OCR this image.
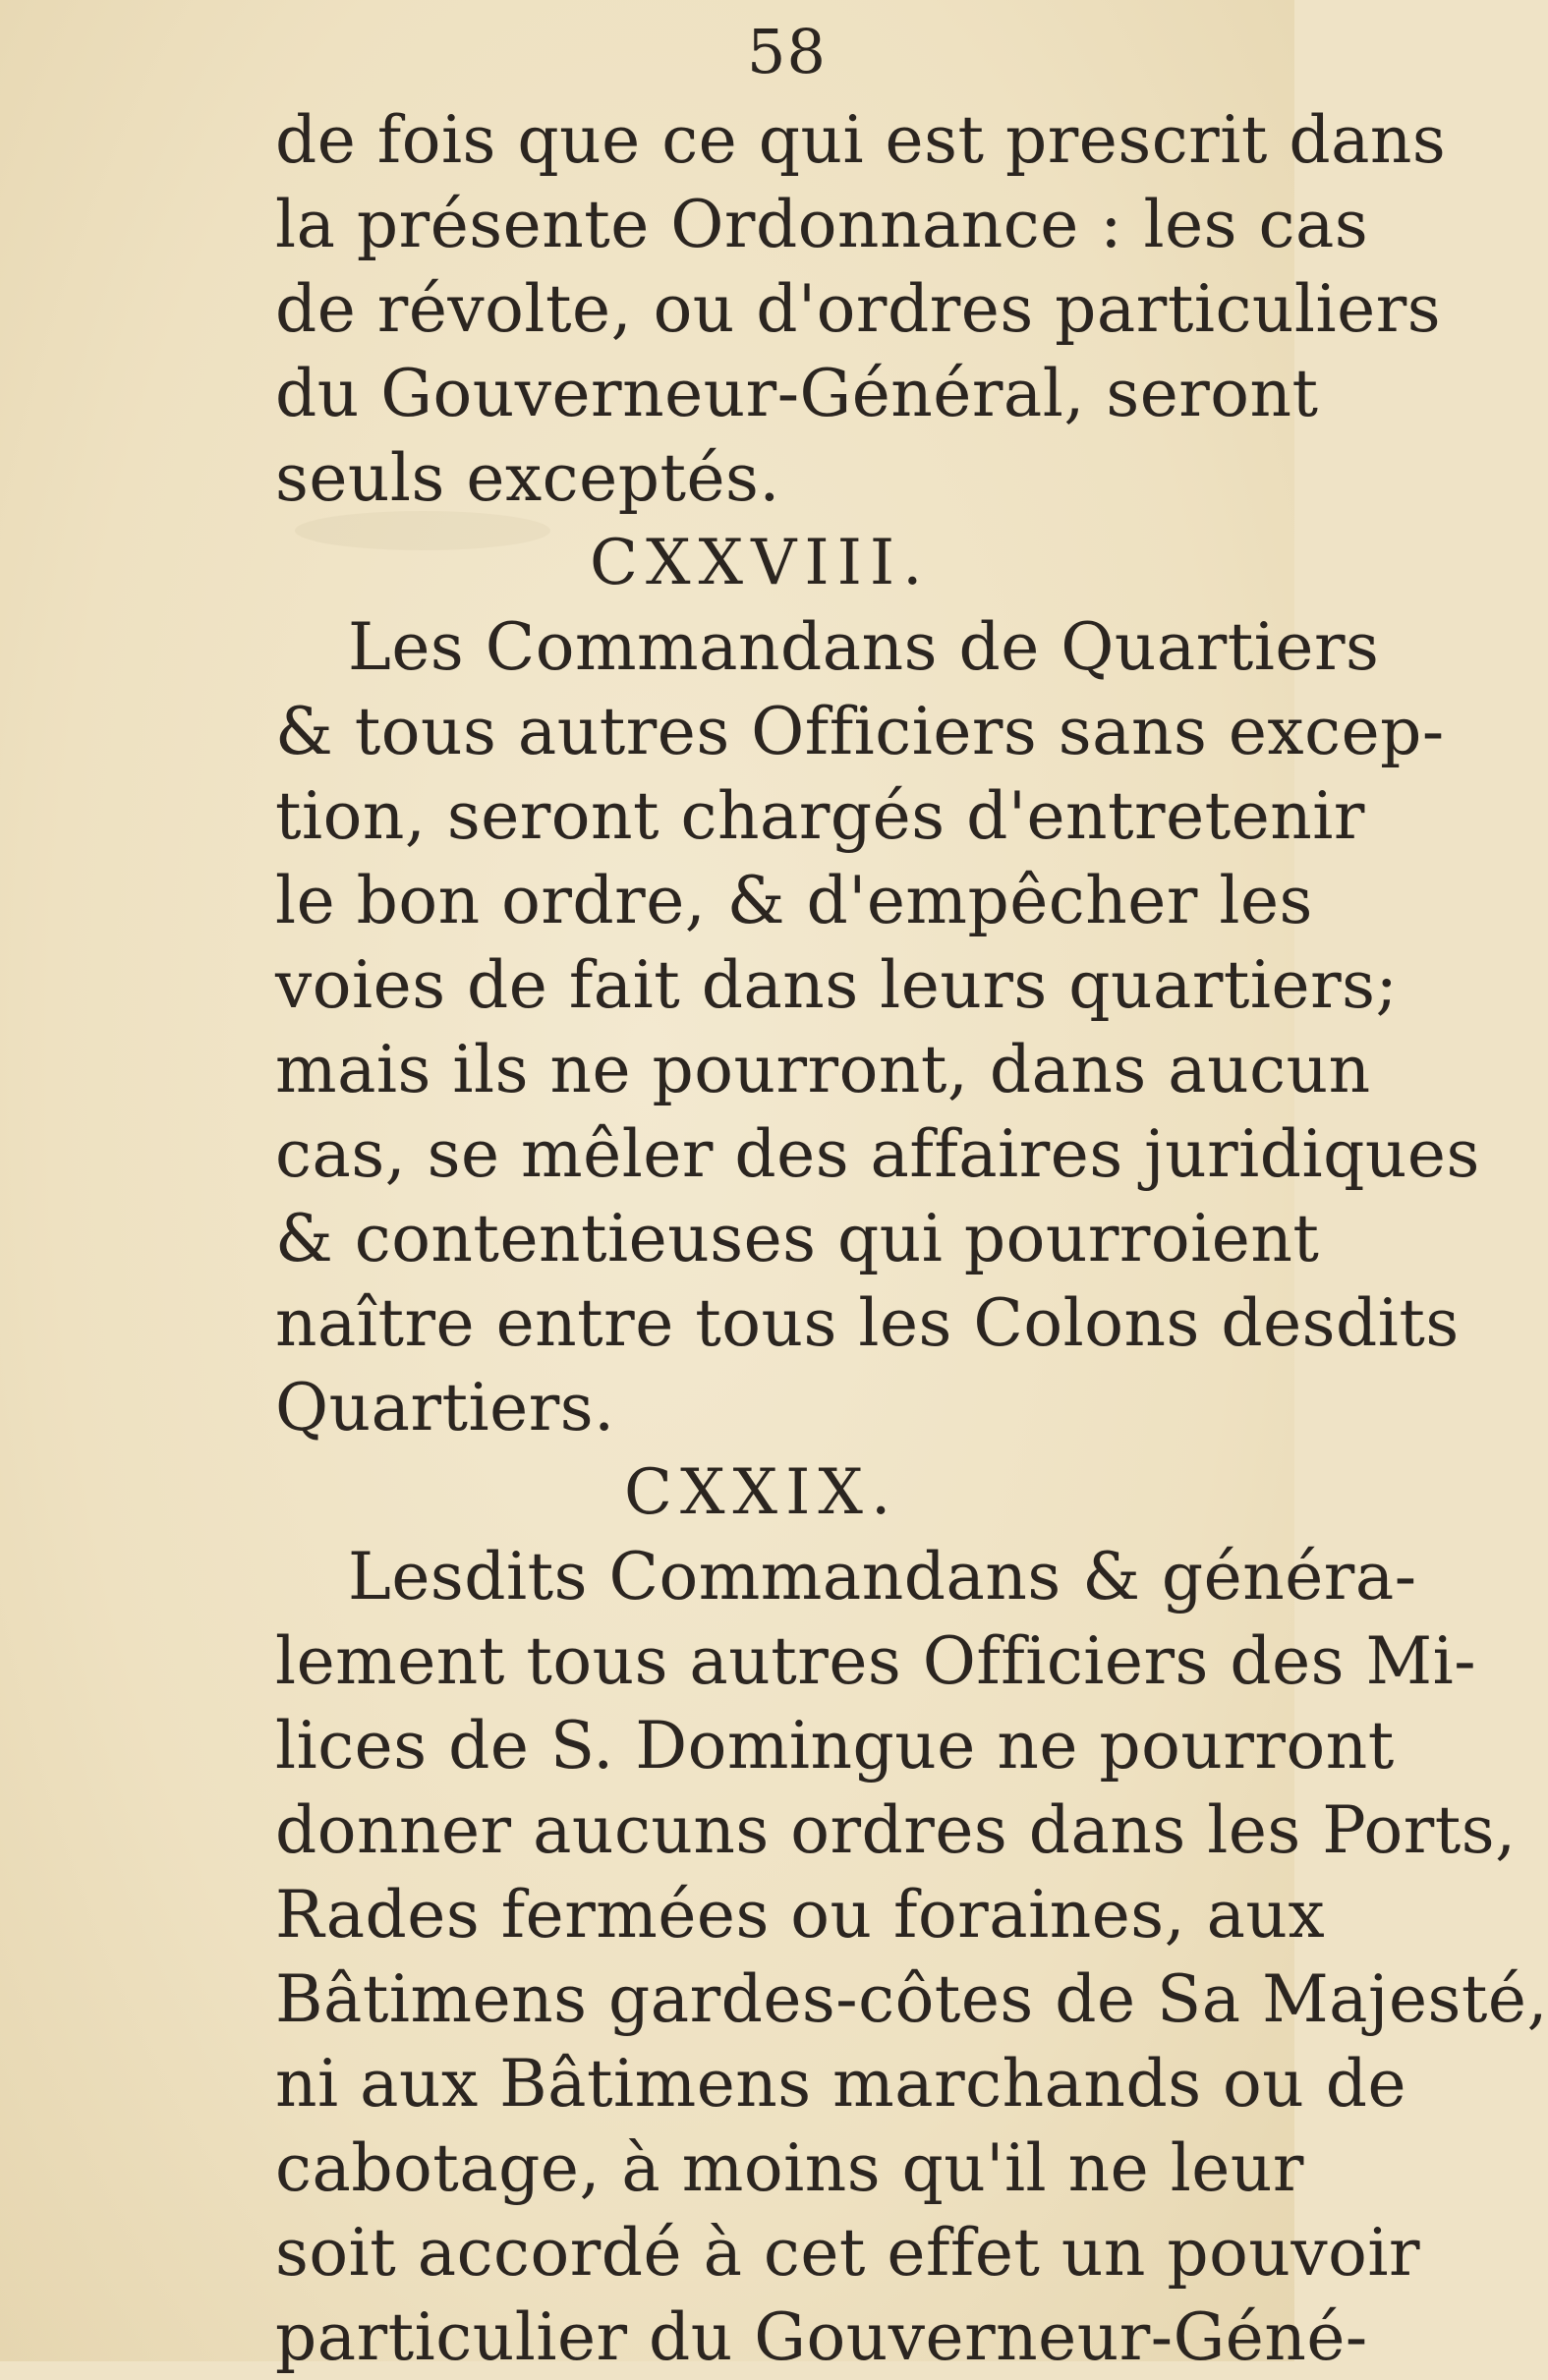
58
de fois que ce qui est prescrit dans
la présente Ordonnance : les cas
de révolte, ou d'ordres particuliers
du Gouverneur-Général, seront
seuls exceptés.
CXXVIII.
Les Commandans de Quartiers
& tous autres Officiers sans excep-
tion, seront chargés d'entretenir
le bon ordre, & d'empêcher les
voies de fait dans leurs quartiers;
mais ils ne pourront, dans aucun
cas, se mêler des affaires juridiques
& contentieuses qui pourroient
naître entre tous les Colons desdits
Quartiers.
CXXIX.
Lesdits Commandans & généra-
lement tous autres Officiers des Mi-
lices de S. Domingue ne pourront
donner aucuns ordres dans les Ports,
Rades fermées ou foraines, aux
Bâtimens gardes-côtes de Sa Majesté,
ni aux Bâtimens marchands ou de
cabotage, à moins qu'il ne leur
soit accordé à cet effet un pouvoir
particulier du Gouverneur-Géné-
